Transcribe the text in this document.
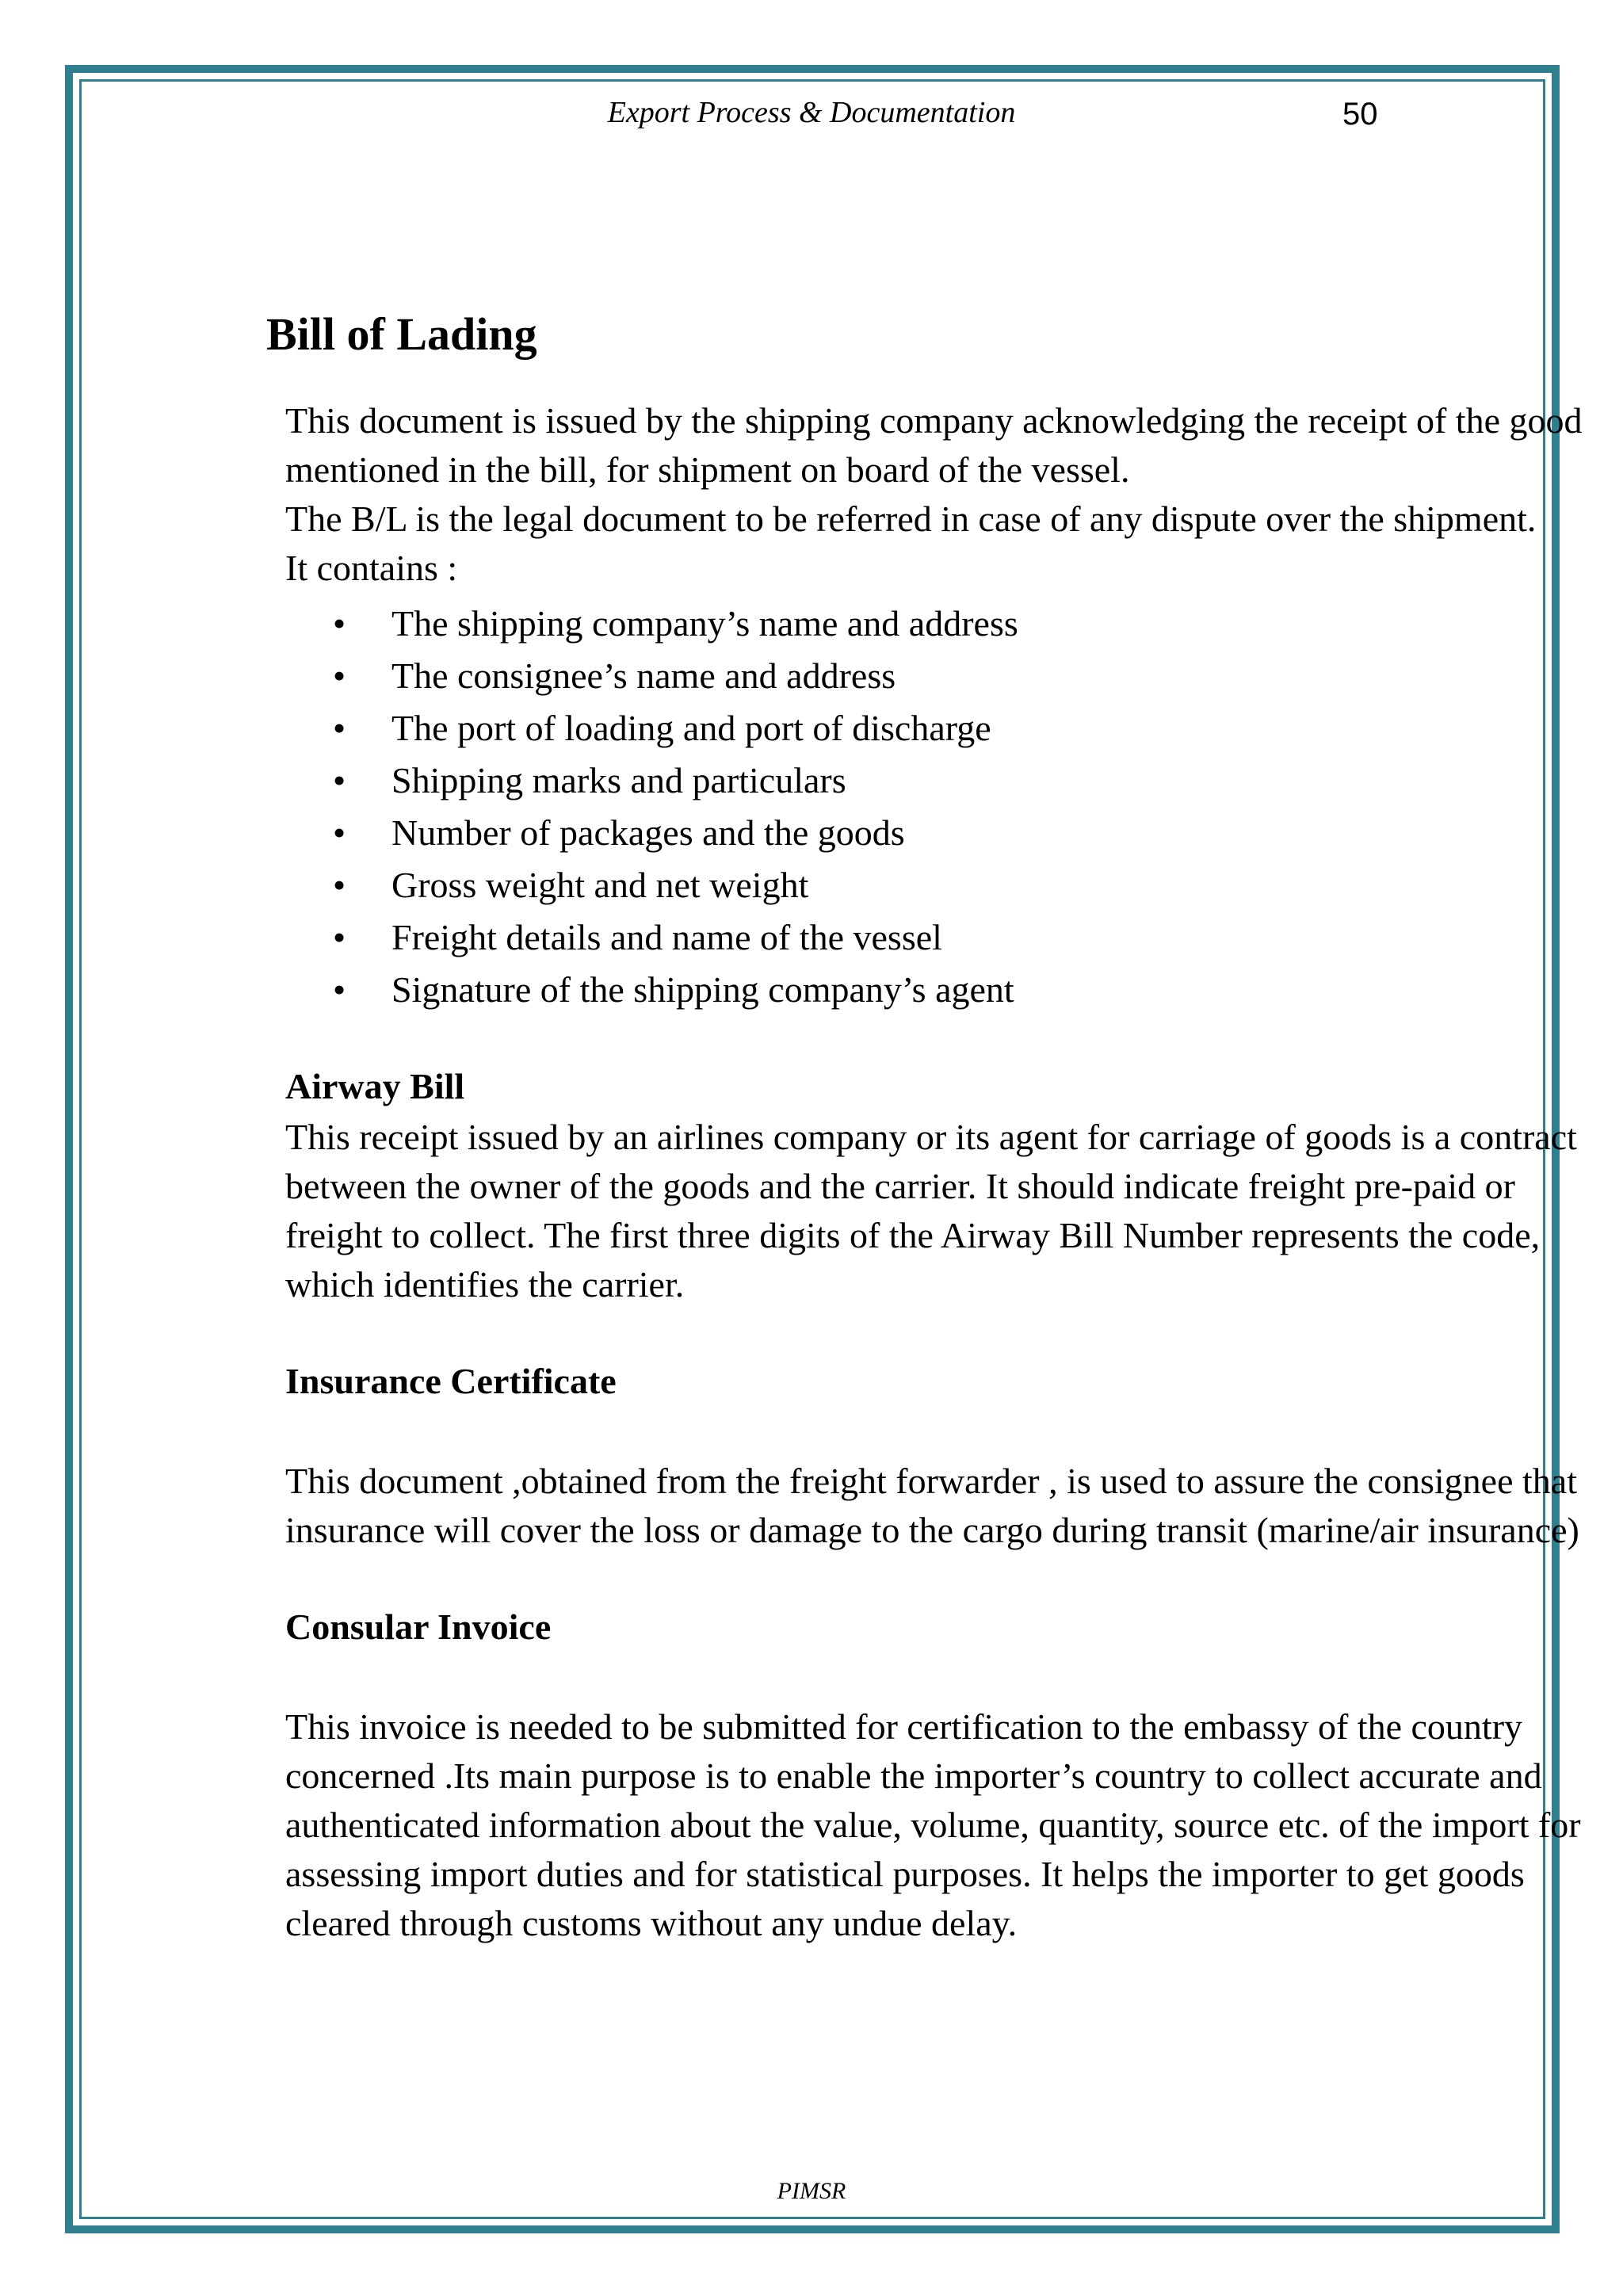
Export Process & Documentation	50
Bill of Lading

This document is issued by the shipping company acknowledging the receipt of the good

mentioned in the bill, for shipment on board of the vessel.

The B/L is the legal document to be referred in case of any dispute over the shipment.

It contains :

• The shipping company’s name and address
• The consignee’s name and address
• The port of loading and port of discharge
• Shipping marks and particulars
• Number of packages and the goods
• Gross weight and net weight
• Freight details and name of the vessel
• Signature of the shipping company’s agent
Airway Bill

This receipt issued by an airlines company or its agent for carriage of goods is a contract

between the owner of the goods and the carrier. It should indicate freight pre-paid or

freight to collect. The first three digits of the Airway Bill Number represents the code,

which identifies the carrier.

Insurance Certificate

This document ,obtained from the freight forwarder , is used to assure the consignee that

insurance will cover the loss or damage to the cargo during transit (marine/air insurance)

Consular Invoice

This invoice is needed to be submitted for certification to the embassy of the country

concerned .Its main purpose is to enable the importer’s country to collect accurate and

authenticated information about the value, volume, quantity, source etc. of the import for

assessing import duties and for statistical purposes. It helps the importer to get goods

cleared through customs without any undue delay.

PIMSR
